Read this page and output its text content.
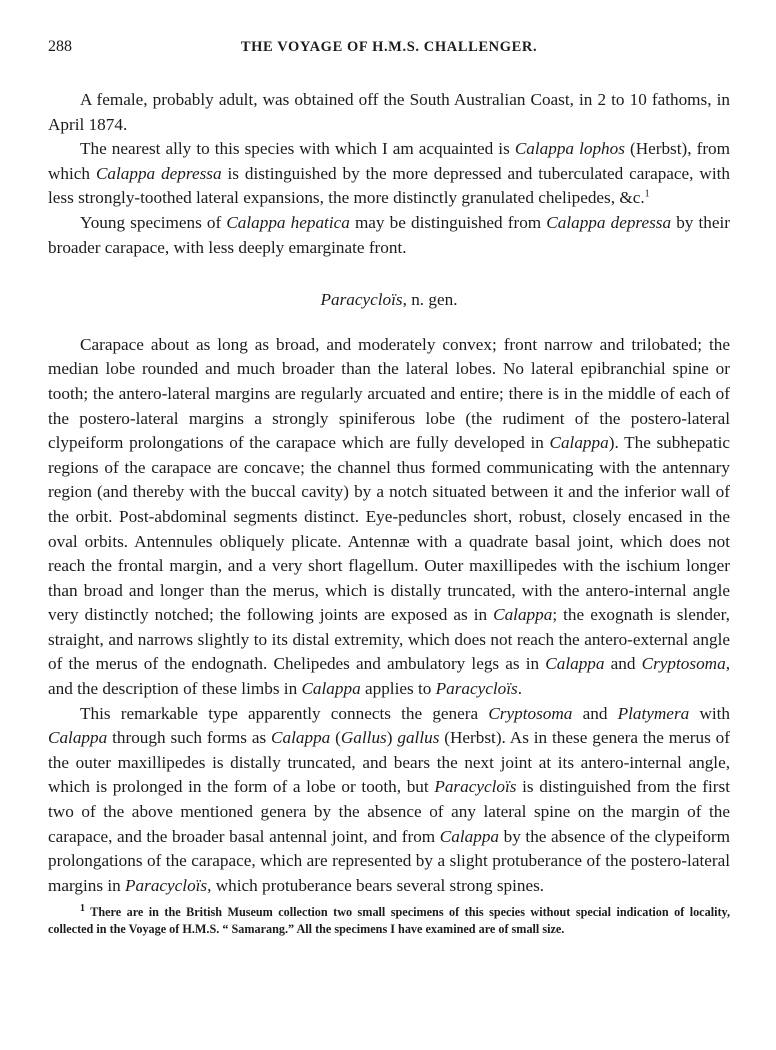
288	THE VOYAGE OF H.M.S. CHALLENGER.

A female, probably adult, was obtained off the South Australian Coast, in 2 to 10 fathoms, in April 1874.

The nearest ally to this species with which I am acquainted is Calappa lophos (Herbst), from which Calappa depressa is distinguished by the more depressed and tuberculated carapace, with less strongly-toothed lateral expansions, the more distinctly granulated chelipedes, &c.$^1$

Young specimens of Calappa hepatica may be distinguished from Calappa depressa by their broader carapace, with less deeply emarginate front.

Paracycloïs, n. gen.

Carapace about as long as broad, and moderately convex; front narrow and trilobated; the median lobe rounded and much broader than the lateral lobes. No lateral epibranchial spine or tooth; the antero-lateral margins are regularly arcuated and entire; there is in the middle of each of the postero-lateral margins a strongly spiniferous lobe (the rudiment of the postero-lateral clypeiform prolongations of the carapace which are fully developed in Calappa). The subhepatic regions of the carapace are concave; the channel thus formed communicating with the antennary region (and thereby with the buccal cavity) by a notch situated between it and the inferior wall of the orbit. Post-abdominal segments distinct. Eye-peduncles short, robust, closely encased in the oval orbits. Antennules obliquely plicate. Antennæ with a quadrate basal joint, which does not reach the frontal margin, and a very short flagellum. Outer maxillipedes with the ischium longer than broad and longer than the merus, which is distally truncated, with the antero-internal angle very distinctly notched; the following joints are exposed as in Calappa; the exognath is slender, straight, and narrows slightly to its distal extremity, which does not reach the antero-external angle of the merus of the endognath. Chelipedes and ambulatory legs as in Calappa and Cryptosoma, and the description of these limbs in Calappa applies to Paracycloïs.

This remarkable type apparently connects the genera Cryptosoma and Platymera with Calappa through such forms as Calappa (Gallus) gallus (Herbst). As in these genera the merus of the outer maxillipedes is distally truncated, and bears the next joint at its antero-internal angle, which is prolonged in the form of a lobe or tooth, but Paracycloïs is distinguished from the first two of the above mentioned genera by the absence of any lateral spine on the margin of the carapace, and the broader basal antennal joint, and from Calappa by the absence of the clypeiform prolongations of the carapace, which are represented by a slight protuberance of the postero-lateral margins in Paracycloïs, which protuberance bears several strong spines.

$^1$ There are in the British Museum collection two small specimens of this species without special indication of locality, collected in the Voyage of H.M.S. “ Samarang.” All the specimens I have examined are of small size.
